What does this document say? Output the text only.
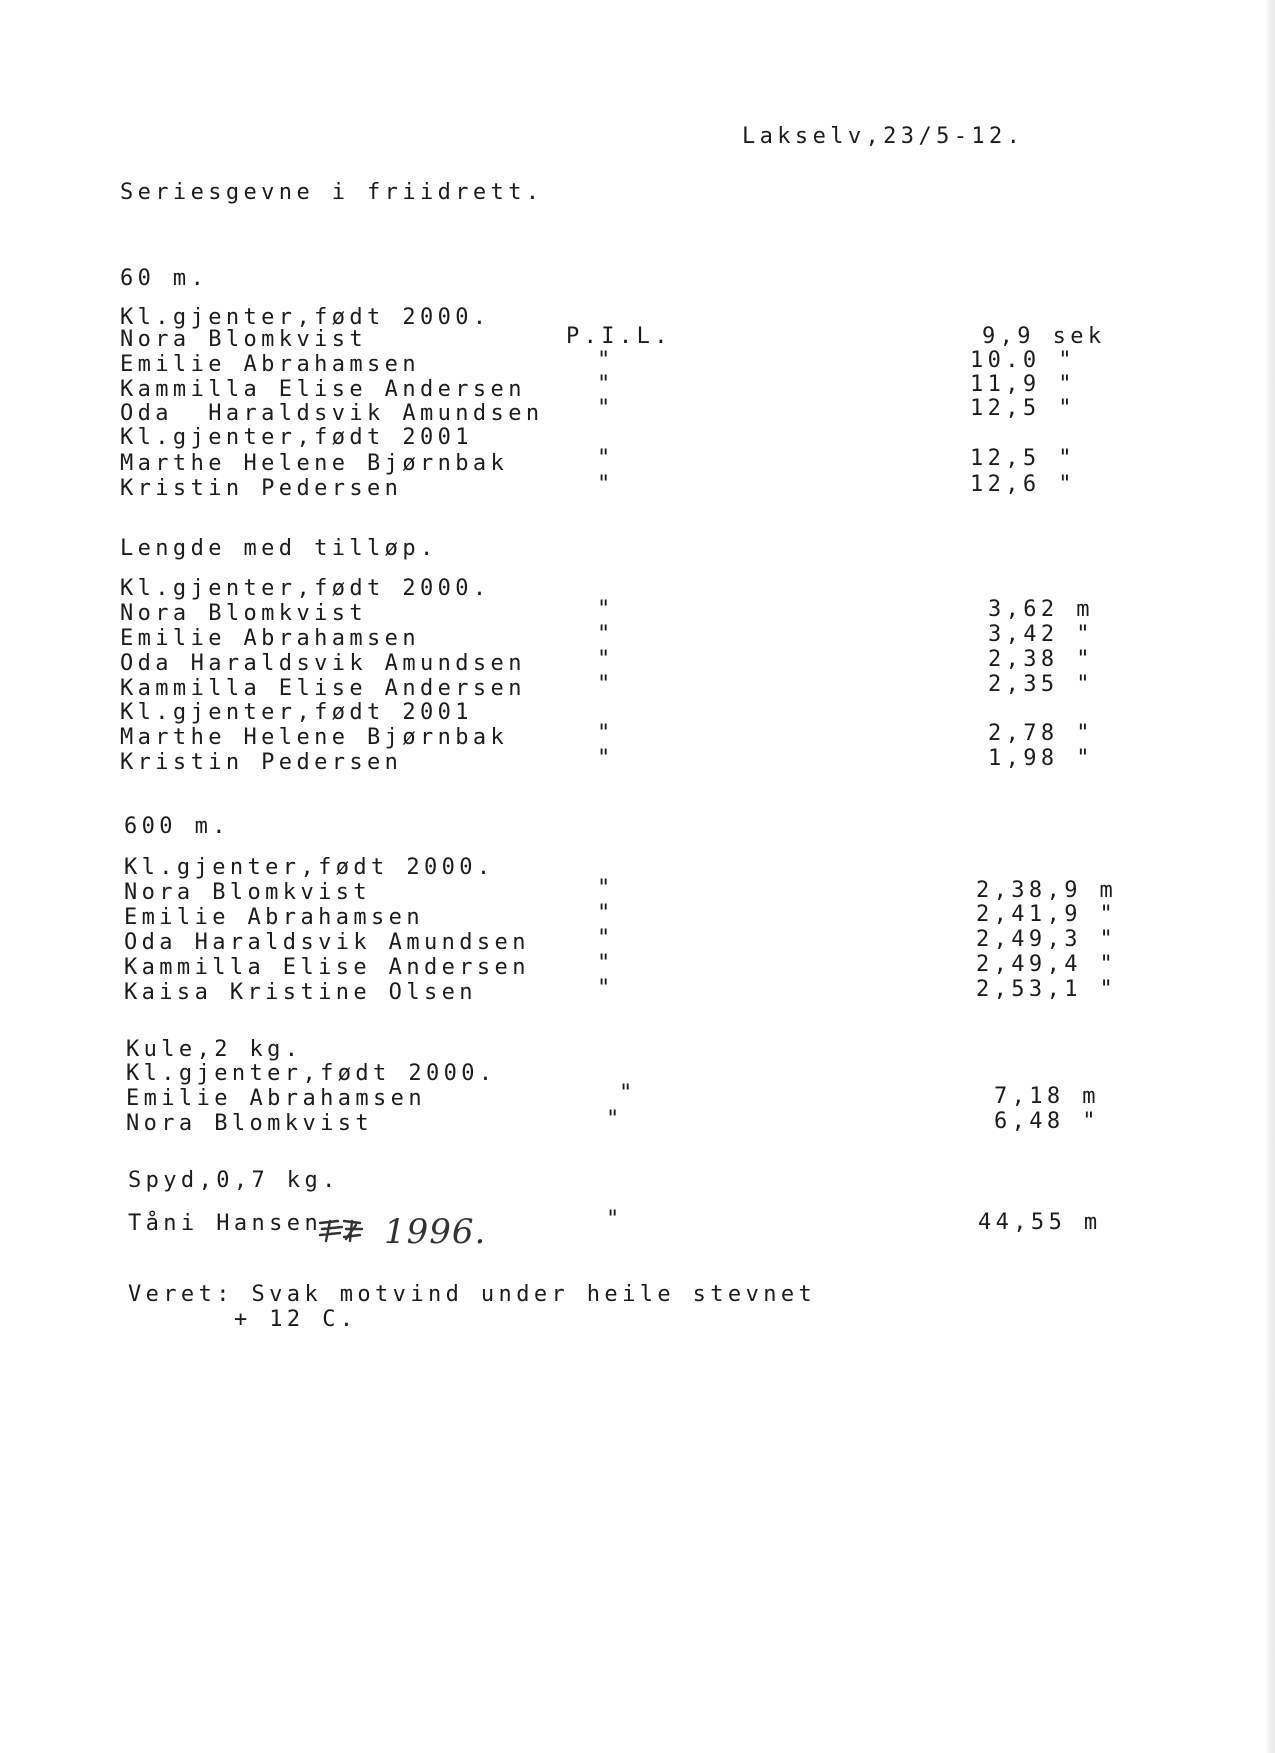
Lakselv,23/5-12.
Seriesgevne i friidrett.
60 m.
Kl.gjenter,født 2000.
Nora Blomkvist	P.I.L.	9,9 sek
Emilie Abrahamsen	"	10.0 "
Kammilla Elise Andersen	"	11,9 "
Oda  Haraldsvik Amundsen "	12,5 "
Kl.gjenter,født 2001
Marthe Helene Bjørnbak	"	12,5 "
Kristin Pedersen	"	12,6 "
Lengde med tilløp.
Kl.gjenter,født 2000.
Nora Blomkvist	"	3,62 m
Emilie Abrahamsen	"	3,42 "
Oda Haraldsvik Amundsen	"	2,38 "
Kammilla Elise Andersen	"	2,35 "
Kl.gjenter,født 2001
Marthe Helene Bjørnbak	"	2,78 "
Kristin Pedersen	"	1,98 "
600 m.
Kl.gjenter,født 2000.
Nora Blomkvist	"	2,38,9 m
Emilie Abrahamsen	"	2,41,9 "
Oda Haraldsvik Amundsen	"	2,49,3 "
Kammilla Elise Andersen	"	2,49,4 "
Kaisa Kristine Olsen	"	2,53,1 "
Kule,2 kg.
Kl.gjenter,født 2000.
Emilie Abrahamsen	"	7,18 m
Nora Blomkvist	"	6,48 "
Spyd,0,7 kg.
Tåni Hansen	"	44,55 m
1996.
Veret: Svak motvind under heile stevnet
+ 12 C.
